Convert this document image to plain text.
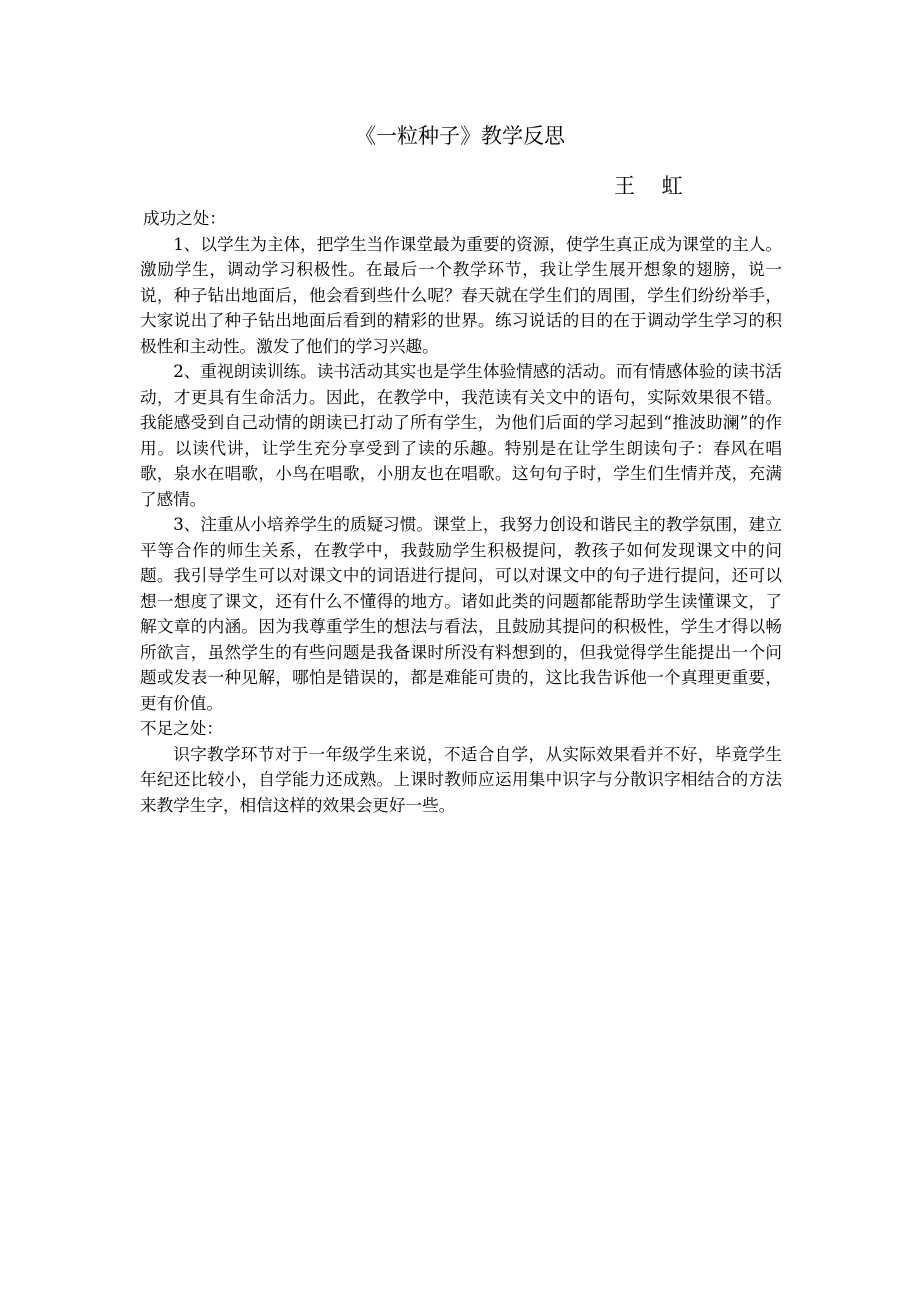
《一粒种子》教学反思
王 虹

成功之处：

1、以学生为主体，把学生当作课堂最为重要的资源，使学生真正成为课堂的主人。激励学生，调动学习积极性。在最后一个教学环节，我让学生展开想象的翅膀，说一说，种子钻出地面后，他会看到些什么呢？春天就在学生们的周围，学生们纷纷举手，大家说出了种子钻出地面后看到的精彩的世界。练习说话的目的在于调动学生学习的积极性和主动性。激发了他们的学习兴趣。

2、重视朗读训练。读书活动其实也是学生体验情感的活动。而有情感体验的读书活动，才更具有生命活力。因此，在教学中，我范读有关文中的语句，实际效果很不错。我能感受到自己动情的朗读已打动了所有学生，为他们后面的学习起到“推波助澜”的作用。以读代讲，让学生充分享受到了读的乐趣。特别是在让学生朗读句子：春风在唱歌，泉水在唱歌，小鸟在唱歌，小朋友也在唱歌。这句句子时，学生们生情并茂，充满了感情。

3、注重从小培养学生的质疑习惯。课堂上，我努力创设和谐民主的教学氛围，建立平等合作的师生关系，在教学中，我鼓励学生积极提问，教孩子如何发现课文中的问题。我引导学生可以对课文中的词语进行提问，可以对课文中的句子进行提问，还可以想一想度了课文，还有什么不懂得的地方。诸如此类的问题都能帮助学生读懂课文，了解文章的内涵。因为我尊重学生的想法与看法，且鼓励其提问的积极性，学生才得以畅所欲言，虽然学生的有些问题是我备课时所没有料想到的，但我觉得学生能提出一个问题或发表一种见解，哪怕是错误的，都是难能可贵的，这比我告诉他一个真理更重要，更有价值。

不足之处：

识字教学环节对于一年级学生来说，不适合自学，从实际效果看并不好，毕竟学生年纪还比较小，自学能力还成熟。上课时教师应运用集中识字与分散识字相结合的方法来教学生字，相信这样的效果会更好一些。
